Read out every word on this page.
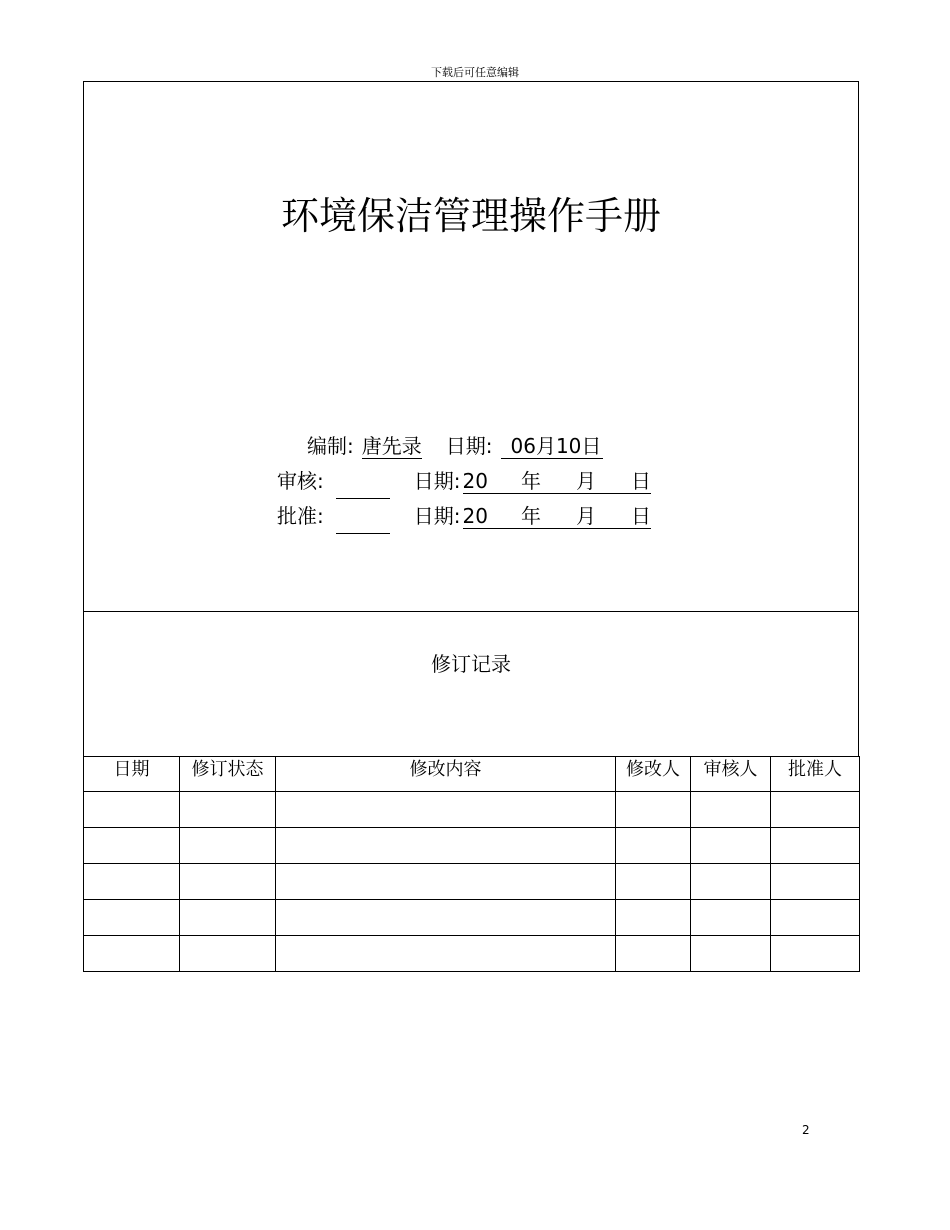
下载后可任意编辑
环境保洁管理操作手册
编制: 唐先录 日期: 06月10日
审核:	日期: 20 年 月 日
批准:	日期: 20 年 月 日
修订记录
日期	修订状态	修改内容	修改人	审核人	批准人

2
